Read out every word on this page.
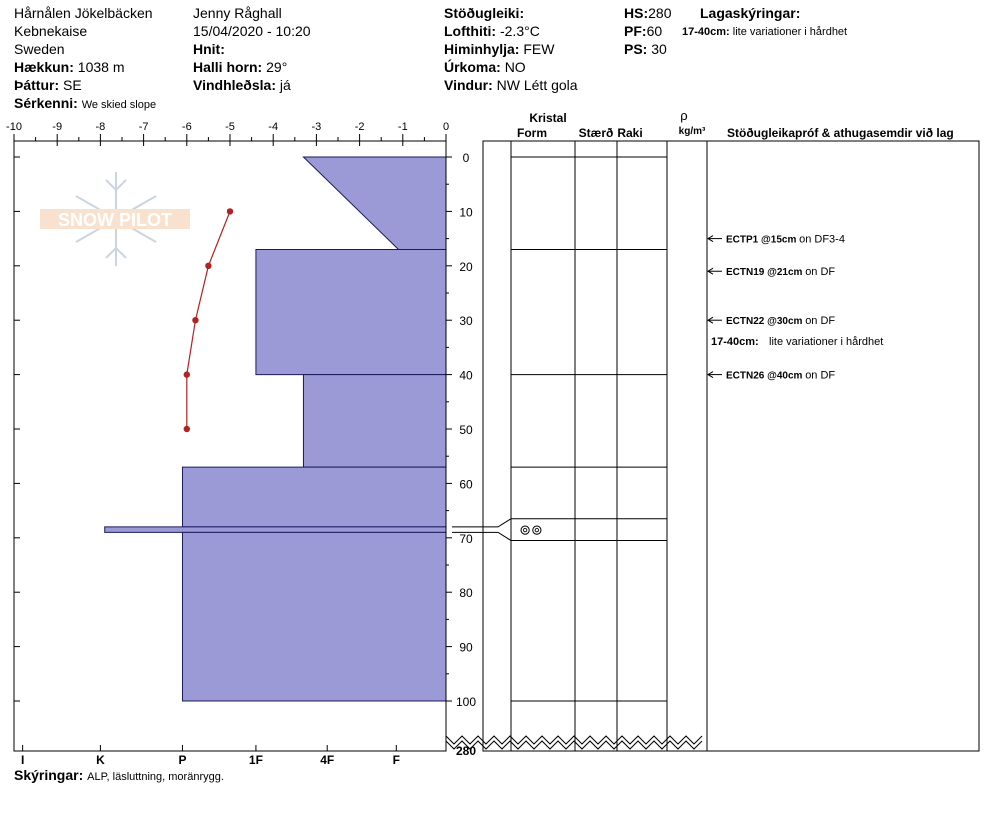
Hårnålen Jökelbäcken
Kebnekaise
Sweden
Hækkun: 1038 m
Þáttur: SE
Sérkenni: We skied slope
Jenny Råghall
15/04/2020 - 10:20
Hnit:
Halli horn: 29°
Vindhleðsla: já
Stöðugleiki:
Lofthiti: -2.3°C
Himinhylja: FEW
Úrkoma: NO
Vindur: NW Létt gola
HS:280
PF:60
PS: 30
Lagaskýringar:
17-40cm: lite variationer i hårdhet
SNOW PILOT
-10	-9	-8	-7	-6	-5	-4	-3	-2	-1	0
0
10
20
30
40
50
60
70
80
90
100
280
I	K	P	1F	4F	F
Kristal
Form	Stærð Raki
ρ
kg/m³ Stöðugleikapróf & athugasemdir við lag
⊚⊚
ECTP1 @15cm on DF3-4
ECTN19 @21cm on DF
ECTN22 @30cm on DF
ECTN26 @40cm on DF
17-40cm: lite variationer i hårdhet
Skýringar: ALP, läsluttning, moränrygg.
